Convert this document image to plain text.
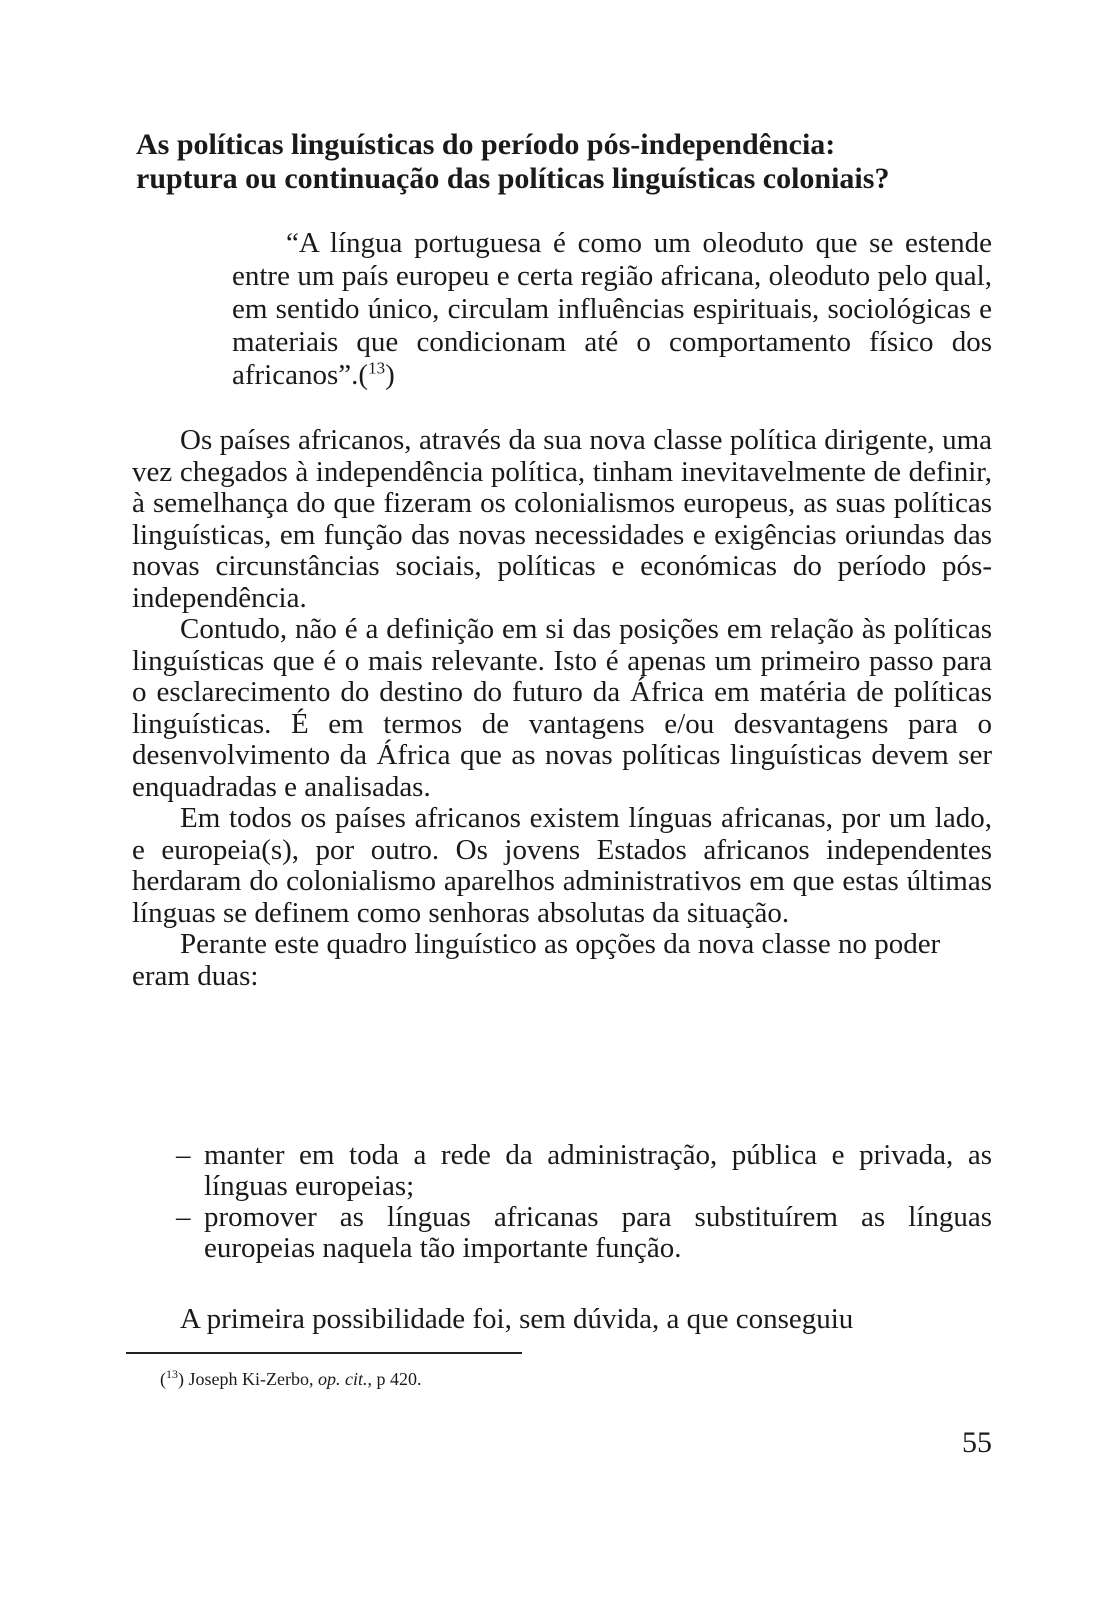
As políticas linguísticas do período pós-independência:
ruptura ou continuação das políticas linguísticas coloniais?

“A língua portuguesa é como um oleoduto que se estende entre um país europeu e certa região africana, oleoduto pelo qual, em sentido único, circulam influências espirituais, sociológicas e materiais que condicionam até o comportamento físico dos africanos”.($^{13}$)

Os países africanos, através da sua nova classe política dirigente, uma vez chegados à independência política, tinham inevitavelmente de definir, à semelhança do que fizeram os colonialismos europeus, as suas políticas linguísticas, em função das novas necessidades e exigências oriundas das novas circunstâncias sociais, políticas e económicas do período pós-independência.

Contudo, não é a definição em si das posições em relação às políticas linguísticas que é o mais relevante. Isto é apenas um primeiro passo para o esclarecimento do destino do futuro da África em matéria de políticas linguísticas. É em termos de vantagens e/ou desvantagens para o desenvolvimento da África que as novas políticas linguísticas devem ser enquadradas e analisadas.

Em todos os países africanos existem línguas africanas, por um lado, e europeia(s), por outro. Os jovens Estados africanos independentes herdaram do colonialismo aparelhos administrativos em que estas últimas línguas se definem como senhoras absolutas da situação.

Perante este quadro linguístico as opções da nova classe no poder eram duas:

– manter em toda a rede da administração, pública e privada, as línguas europeias;
– promover as línguas africanas para substituírem as línguas europeias naquela tão importante função.

A primeira possibilidade foi, sem dúvida, a que conseguiu

($^{13}$) Joseph Ki-Zerbo, op. cit., p 420.

55
